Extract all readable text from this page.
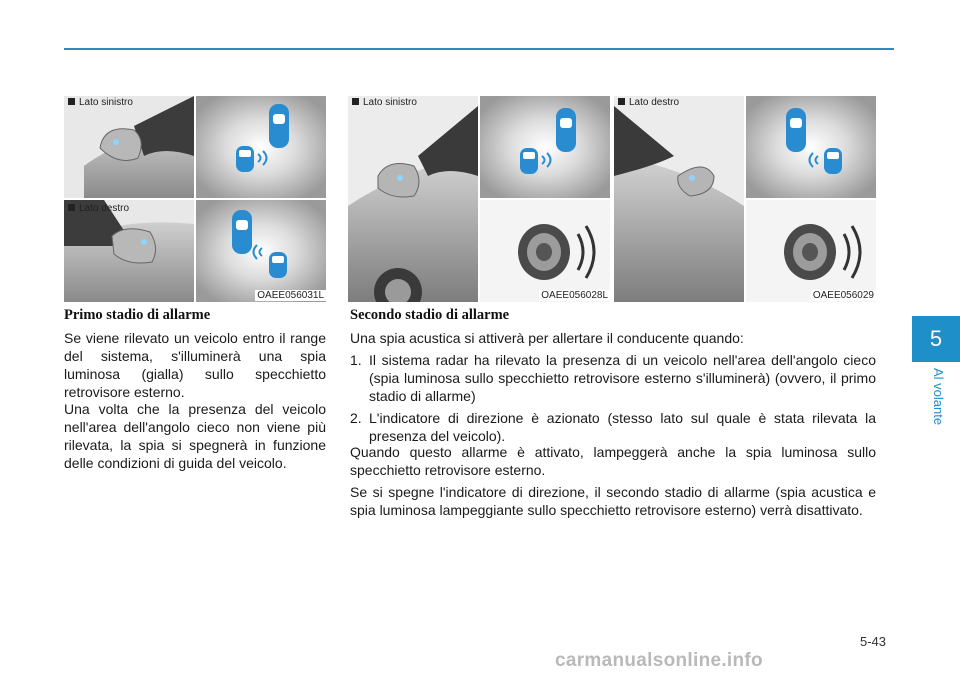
Lato sinistro
Lato destro
OAEE056031L
Lato sinistro
OAEE056028L
Lato destro
OAEE056029
Primo stadio di allarme

Se viene rilevato un veicolo entro il range del sistema, s'illuminerà una spia luminosa (gialla) sullo specchietto retrovisore esterno.

Una volta che la presenza del veicolo nell'area dell'angolo cieco non viene più rilevata, la spia si spegnerà in funzione delle condizioni di guida del veicolo.

Secondo stadio di allarme

Una spia acustica si attiverà per allertare il conducente quando:

1. Il sistema radar ha rilevato la presenza di un veicolo nell'area dell'angolo cieco (spia luminosa sullo specchietto retrovisore esterno s'illuminerà) (ovvero, il primo stadio di allarme)
2. L'indicatore di direzione è azionato (stesso lato sul quale è stata rilevata la presenza del veicolo).

Quando questo allarme è attivato, lampeggerà anche la spia luminosa sullo specchietto retrovisore esterno.

Se si spegne l'indicatore di direzione, il secondo stadio di allarme (spia acustica e spia luminosa lampeggiante sullo specchietto retrovisore esterno) verrà disattivato.

5
Al volante
5-43
carmanualsonline.info
